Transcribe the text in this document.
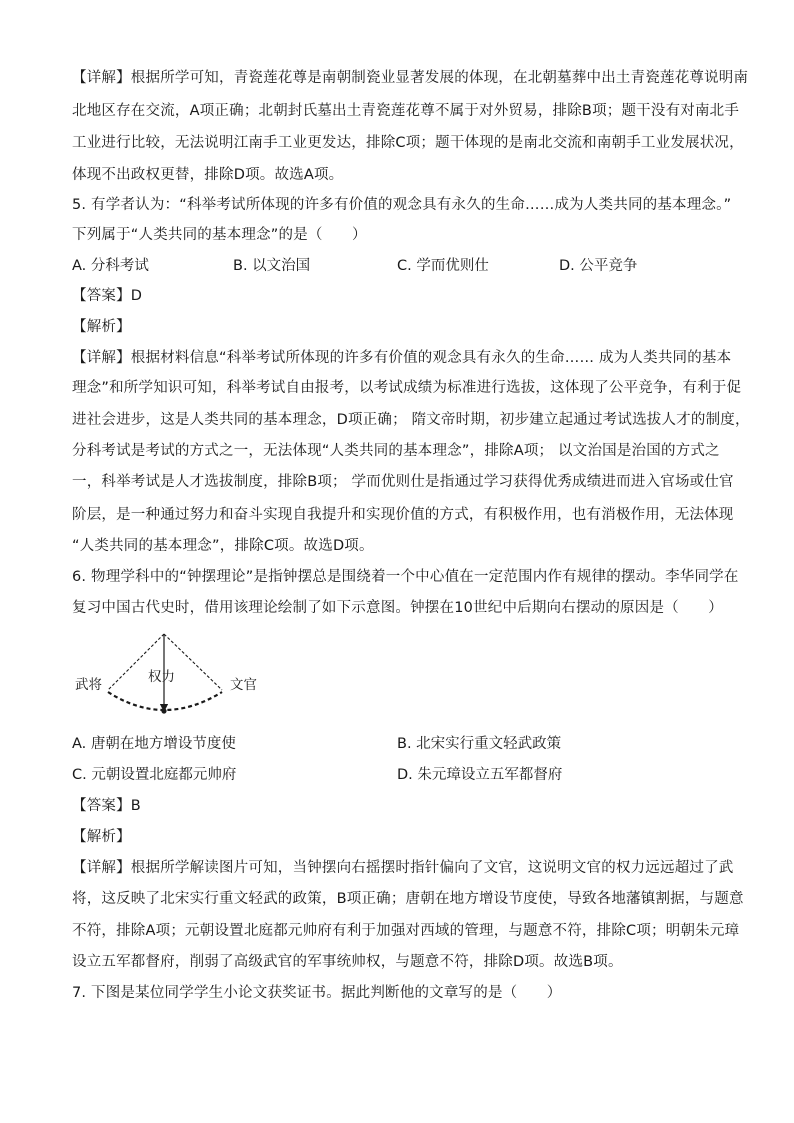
【详解】根据所学可知，青瓷莲花尊是南朝制瓷业显著发展的体现，在北朝墓葬中出土青瓷莲花尊说明南
北地区存在交流，A项正确；北朝封氏墓出土青瓷莲花尊不属于对外贸易，排除B项；题干没有对南北手
工业进行比较，无法说明江南手工业更发达，排除C项；题干体现的是南北交流和南朝手工业发展状况，
体现不出政权更替，排除D项。故选A项。
5. 有学者认为：“科举考试所体现的许多有价值的观念具有永久的生命……成为人类共同的基本理念。”
下列属于“人类共同的基本理念”的是（　　）
A. 分科考试	B. 以文治国	C. 学而优则仕	D. 公平竞争
【答案】D
【解析】
【详解】根据材料信息“科举考试所体现的许多有价值的观念具有永久的生命…… 成为人类共同的基本
理念”和所学知识可知，科举考试自由报考，以考试成绩为标准进行选拔，这体现了公平竞争，有利于促
进社会进步，这是人类共同的基本理念，D项正确； 隋文帝时期，初步建立起通过考试选拔人才的制度，
分科考试是考试的方式之一，无法体现“人类共同的基本理念”，排除A项； 以文治国是治国的方式之
一，科举考试是人才选拔制度，排除B项； 学而优则仕是指通过学习获得优秀成绩进而进入官场或仕官
阶层，是一种通过努力和奋斗实现自我提升和实现价值的方式，有积极作用，也有消极作用，无法体现
“人类共同的基本理念”，排除C项。故选D项。
6. 物理学科中的“钟摆理论”是指钟摆总是围绕着一个中心值在一定范围内作有规律的摆动。李华同学在
复习中国古代史时，借用该理论绘制了如下示意图。钟摆在10世纪中后期向右摆动的原因是（　　）
武将	权力	文官
A. 唐朝在地方增设节度使	B. 北宋实行重文轻武政策
C. 元朝设置北庭都元帅府	D. 朱元璋设立五军都督府
【答案】B
【解析】
【详解】根据所学解读图片可知，当钟摆向右摇摆时指针偏向了文官，这说明文官的权力远远超过了武
将，这反映了北宋实行重文轻武的政策，B项正确；唐朝在地方增设节度使，导致各地藩镇割据，与题意
不符，排除A项；元朝设置北庭都元帅府有利于加强对西域的管理，与题意不符，排除C项；明朝朱元璋
设立五军都督府，削弱了高级武官的军事统帅权，与题意不符，排除D项。故选B项。
7. 下图是某位同学学生小论文获奖证书。据此判断他的文章写的是（　　）
